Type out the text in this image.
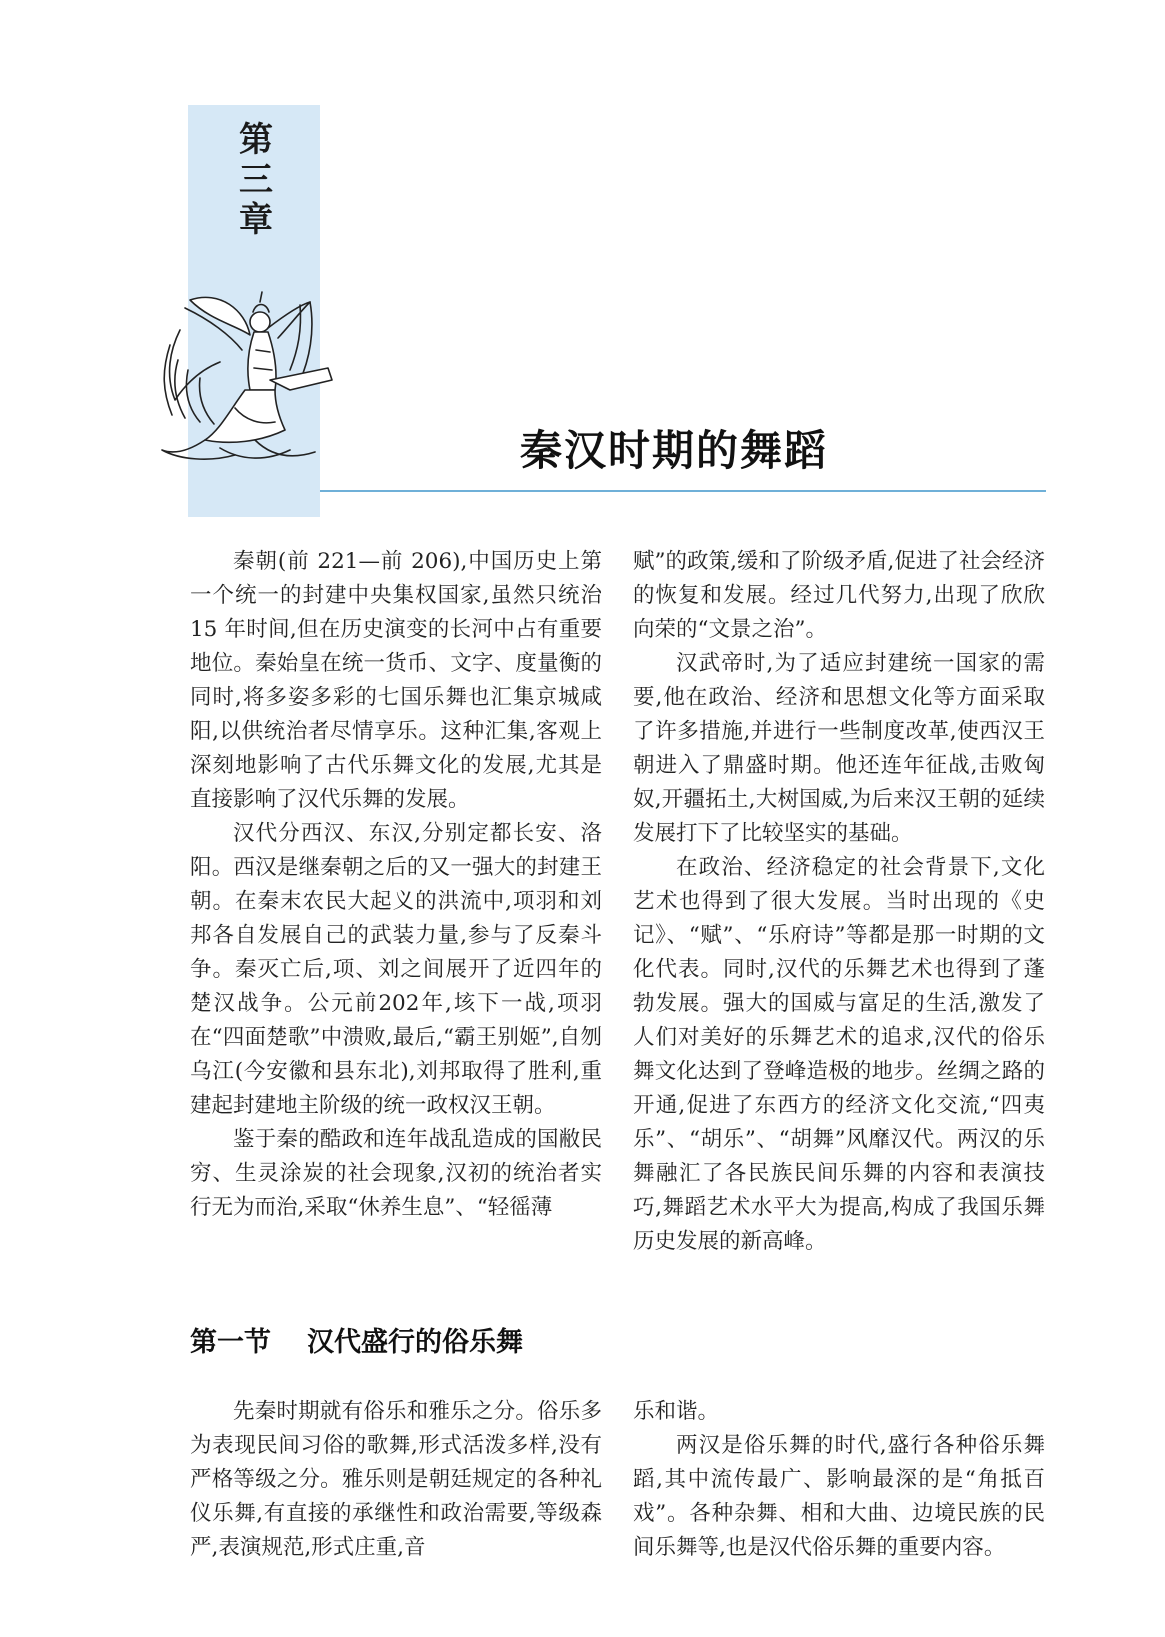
第
三
章
秦汉时期的舞蹈

秦朝(前 221—前 206),中国历史上第一个统一的封建中央集权国家,虽然只统治 15 年时间,但在历史演变的长河中占有重要地位。秦始皇在统一货币、文字、度量衡的同时,将多姿多彩的七国乐舞也汇集京城咸阳,以供统治者尽情享乐。这种汇集,客观上深刻地影响了古代乐舞文化的发展,尤其是直接影响了汉代乐舞的发展。

汉代分西汉、东汉,分别定都长安、洛阳。西汉是继秦朝之后的又一强大的封建王朝。在秦末农民大起义的洪流中,项羽和刘邦各自发展自己的武装力量,参与了反秦斗争。秦灭亡后,项、刘之间展开了近四年的楚汉战争。公元前202年,垓下一战,项羽在“四面楚歌”中溃败,最后,“霸王别姬”,自刎乌江(今安徽和县东北),刘邦取得了胜利,重建起封建地主阶级的统一政权汉王朝。

鉴于秦的酷政和连年战乱造成的国敝民穷、生灵涂炭的社会现象,汉初的统治者实行无为而治,采取“休养生息”、“轻徭薄

赋”的政策,缓和了阶级矛盾,促进了社会经济的恢复和发展。经过几代努力,出现了欣欣向荣的“文景之治”。

汉武帝时,为了适应封建统一国家的需要,他在政治、经济和思想文化等方面采取了许多措施,并进行一些制度改革,使西汉王朝进入了鼎盛时期。他还连年征战,击败匈奴,开疆拓土,大树国威,为后来汉王朝的延续发展打下了比较坚实的基础。

在政治、经济稳定的社会背景下,文化艺术也得到了很大发展。当时出现的《史记》、“赋”、“乐府诗”等都是那一时期的文化代表。同时,汉代的乐舞艺术也得到了蓬勃发展。强大的国威与富足的生活,激发了人们对美好的乐舞艺术的追求,汉代的俗乐舞文化达到了登峰造极的地步。丝绸之路的开通,促进了东西方的经济文化交流,“四夷乐”、“胡乐”、“胡舞”风靡汉代。两汉的乐舞融汇了各民族民间乐舞的内容和表演技巧,舞蹈艺术水平大为提高,构成了我国乐舞历史发展的新高峰。

第一节 汉代盛行的俗乐舞

先秦时期就有俗乐和雅乐之分。俗乐多为表现民间习俗的歌舞,形式活泼多样,没有严格等级之分。雅乐则是朝廷规定的各种礼仪乐舞,有直接的承继性和政治需要,等级森严,表演规范,形式庄重,音

乐和谐。

两汉是俗乐舞的时代,盛行各种俗乐舞蹈,其中流传最广、影响最深的是“角抵百戏”。各种杂舞、相和大曲、边境民族的民间乐舞等,也是汉代俗乐舞的重要内容。
